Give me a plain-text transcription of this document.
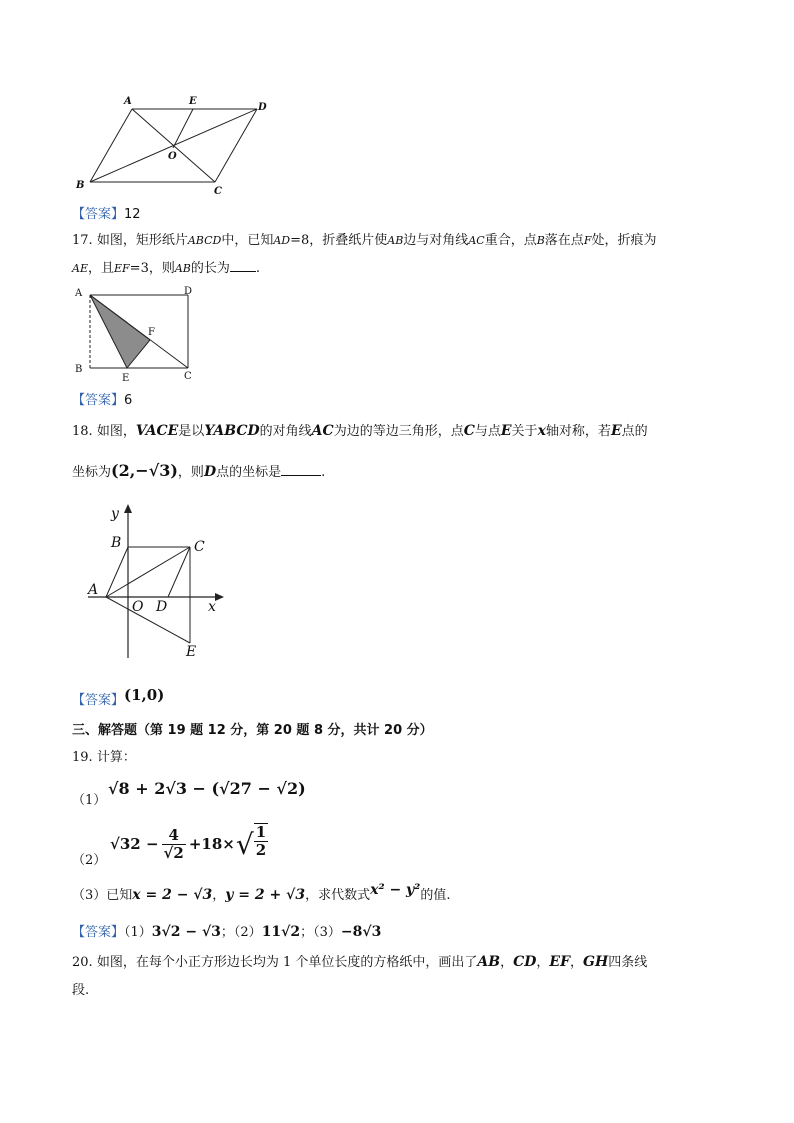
A	E
D
O
B
C
【答案】12
17. 如图，矩形纸片ABCD中，已知AD=8，折叠纸片使AB边与对角线AC重合，点B落在点F处，折痕为
AE，且EF=3，则AB的长为 .
A	D
F
B
E	C
【答案】6
18. 如图，VACE是以YABCD的对角线AC为边的等边三角形，点C与点E关于x轴对称，若E点的
坐标为(2,−√3)，则D点的坐标是	.
y
B	C
A
O D	x
E
【答案】(1,0)
三、解答题（第 19 题 12 分，第 20 题 8 分，共计 20 分）
19. 计算：
（1）
√8 + 2√3 − (√27 − √2)
（2）
$√32 - \frac{4}{√2} +18\times$ √ 1
2
（3）已知x = 2 − √3，y = 2 + √3，求代数式x² − y²的值.
【答案】（1）3√2 − √3；（2）11√2；（3）−8√3
20. 如图，在每个小正方形边长均为 1 个单位长度的方格纸中，画出了AB，CD，EF，GH四条线
段.
